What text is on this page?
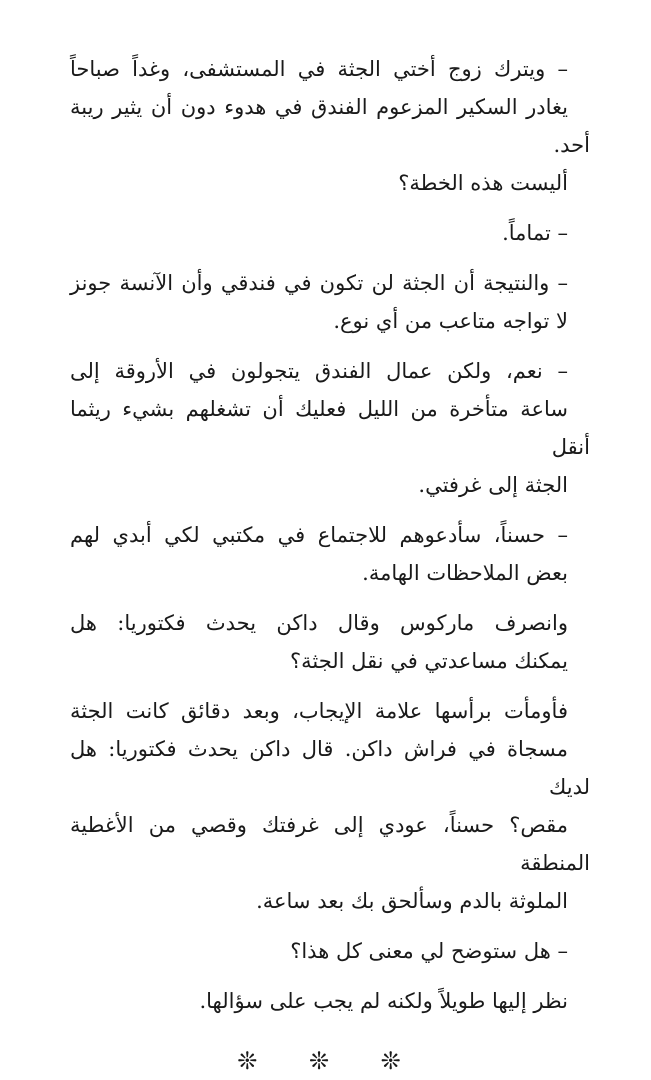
– ويترك زوج أختي الجثة في المستشفى، وغداً صباحاً
يغادر السكير المزعوم الفندق في هدوء دون أن يثير ريبة أحد.
أليست هذه الخطة؟

– تماماً.

– والنتيجة أن الجثة لن تكون في فندقي وأن الآنسة جونز
لا تواجه متاعب من أي نوع.

– نعم، ولكن عمال الفندق يتجولون في الأروقة إلى
ساعة متأخرة من الليل فعليك أن تشغلهم بشيء ريثما أنقل
الجثة إلى غرفتي.

– حسناً، سأدعوهم للاجتماع في مكتبي لكي أبدي لهم
بعض الملاحظات الهامة.

وانصرف ماركوس وقال داكن يحدث فكتوريا: هل
يمكنك مساعدتي في نقل الجثة؟

فأومأت برأسها علامة الإيجاب، وبعد دقائق كانت الجثة
مسجاة في فراش داكن. قال داكن يحدث فكتوريا: هل لديك
مقص؟ حسناً، عودي إلى غرفتك وقصي من الأغطية المنطقة
الملوثة بالدم وسألحق بك بعد ساعة.

– هل ستوضح لي معنى كل هذا؟

نظر إليها طويلاً ولكنه لم يجب على سؤالها.

❊ ❊ ❊
